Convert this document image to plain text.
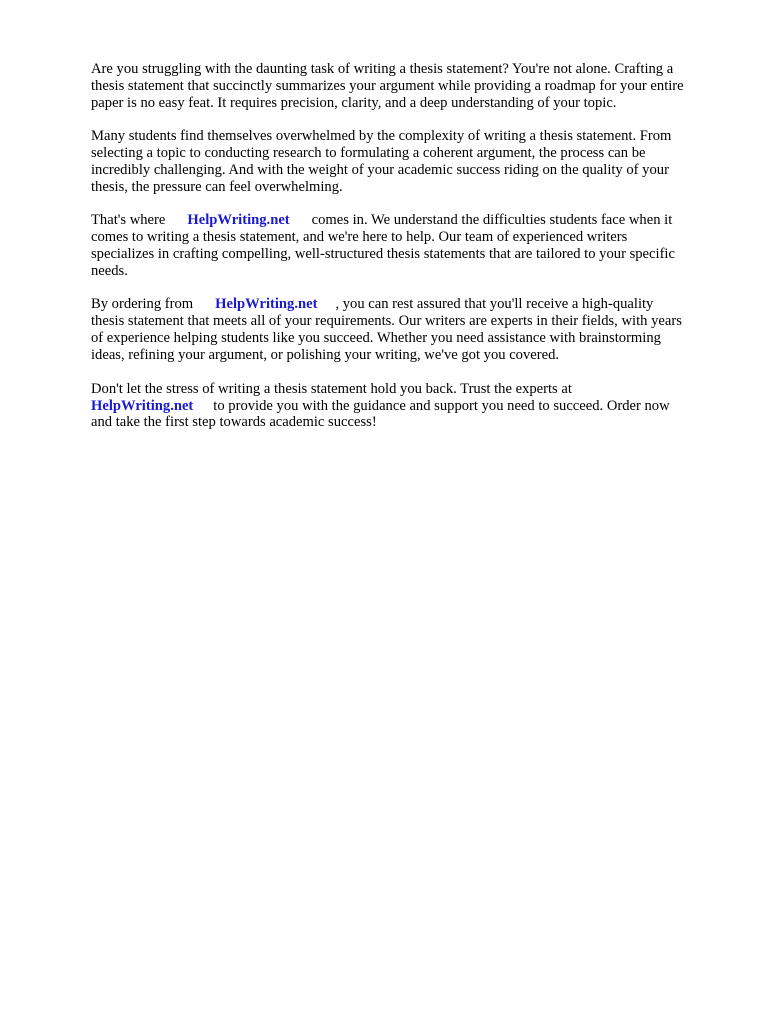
Are you struggling with the daunting task of writing a thesis statement? You're not alone. Crafting a
thesis statement that succinctly summarizes your argument while providing a roadmap for your entire
paper is no easy feat. It requires precision, clarity, and a deep understanding of your topic.

Many students find themselves overwhelmed by the complexity of writing a thesis statement. From
selecting a topic to conducting research to formulating a coherent argument, the process can be
incredibly challenging. And with the weight of your academic success riding on the quality of your
thesis, the pressure can feel overwhelming.

That's where HelpWriting.net comes in. We understand the difficulties students face when it
comes to writing a thesis statement, and we're here to help. Our team of experienced writers
specializes in crafting compelling, well-structured thesis statements that are tailored to your specific
needs.

By ordering from HelpWriting.net , you can rest assured that you'll receive a high-quality
thesis statement that meets all of your requirements. Our writers are experts in their fields, with years
of experience helping students like you succeed. Whether you need assistance with brainstorming
ideas, refining your argument, or polishing your writing, we've got you covered.

Don't let the stress of writing a thesis statement hold you back. Trust the experts at
HelpWriting.net to provide you with the guidance and support you need to succeed. Order now
and take the first step towards academic success!
